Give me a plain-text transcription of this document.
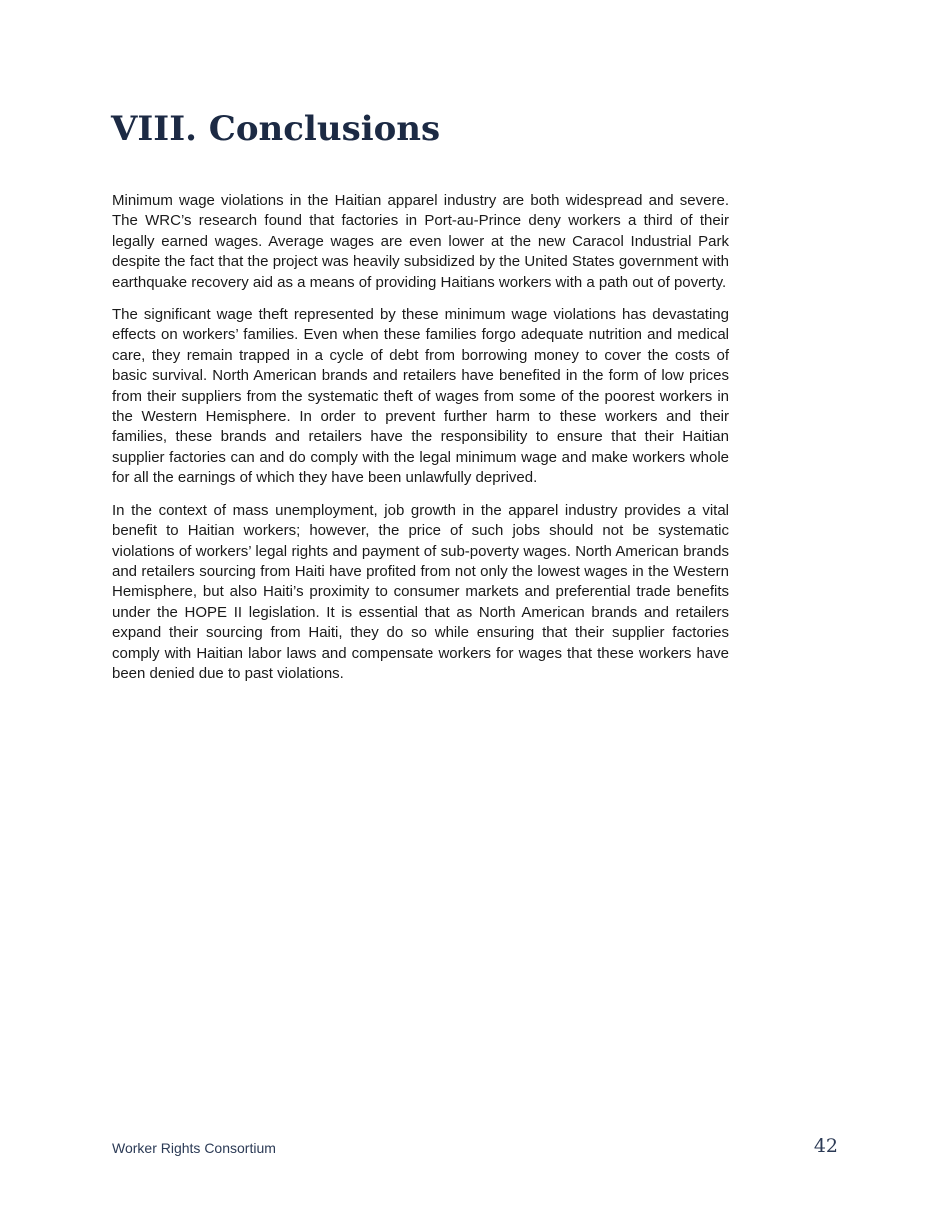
VIII. Conclusions

Minimum wage violations in the Haitian apparel industry are both widespread and severe. The WRC’s research found that factories in Port-au-Prince deny workers a third of their legally earned wages. Average wages are even lower at the new Caracol Industrial Park despite the fact that the project was heavily subsidized by the United States government with earthquake recovery aid as a means of providing Haitians workers with a path out of poverty.

The significant wage theft represented by these minimum wage violations has devastating effects on workers’ families. Even when these families forgo adequate nutrition and medical care, they remain trapped in a cycle of debt from borrowing money to cover the costs of basic survival. North American brands and retailers have benefited in the form of low prices from their suppliers from the systematic theft of wages from some of the poorest workers in the Western Hemisphere. In order to prevent further harm to these workers and their families, these brands and retailers have the responsibility to ensure that their Haitian supplier factories can and do comply with the legal minimum wage and make workers whole for all the earnings of which they have been unlawfully deprived.

In the context of mass unemployment, job growth in the apparel industry provides a vital benefit to Haitian workers; however, the price of such jobs should not be systematic violations of workers’ legal rights and payment of sub-poverty wages. North American brands and retailers sourcing from Haiti have profited from not only the lowest wages in the Western Hemisphere, but also Haiti’s proximity to consumer markets and preferential trade benefits under the HOPE II legislation. It is essential that as North American brands and retailers expand their sourcing from Haiti, they do so while ensuring that their supplier factories comply with Haitian labor laws and compensate workers for wages that these workers have been denied due to past violations.

Worker Rights Consortium	42
